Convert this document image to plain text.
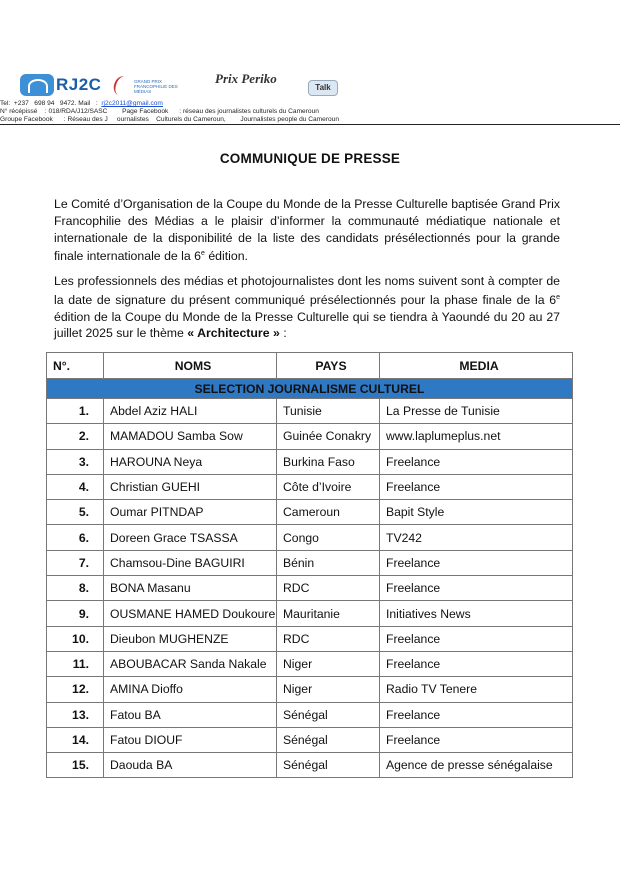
RJ2C	GRAND PRIX FRANCOPHILIE DES MÉDIAS
Prix Periko
Talk
Tel:  +237   698 94   9472. Mail   :  rj2c2011@gmail.com
N° récépissé    : 018/RDA/J12/SASC        Page Facebook      : réseau des journalistes culturels du Cameroun
Groupe Facebook      : Réseau des J     ournalistes    Culturels du Cameroun,        Journalistes people du Cameroun
COMMUNIQUE DE PRESSE
Le Comité d’Organisation de la Coupe du Monde de la Presse Culturelle baptisée Grand Prix Francophilie des Médias a le plaisir d’informer la communauté médiatique nationale et internationale de la disponibilité de la liste des candidats présélectionnés pour la grande finale internationale de la 6e édition.
Les professionnels des médias et photojournalistes dont les noms suivent sont à compter de la date de signature du présent communiqué présélectionnés pour la phase finale de la 6e édition de la Coupe du Monde de la Presse Culturelle qui se tiendra à Yaoundé du 20 au 27 juillet 2025 sur le thème « Architecture » :
N°.	NOMS	PAYS	MEDIA
SELECTION JOURNALISME CULTUREL			
1.	Abdel Aziz HALI	Tunisie	La Presse de Tunisie
2.	MAMADOU Samba Sow	Guinée Conakry	www.laplumeplus.net
3.	HAROUNA Neya	Burkina Faso	Freelance
4.	Christian GUEHI	Côte d’Ivoire	Freelance
5.	Oumar PITNDAP	Cameroun	Bapit Style
6.	Doreen Grace TSASSA	Congo	TV242
7.	Chamsou-Dine BAGUIRI	Bénin	Freelance
8.	BONA Masanu	RDC	Freelance
9.	OUSMANE HAMED Doukoure	Mauritanie	Initiatives News
10.	Dieubon MUGHENZE	RDC	Freelance
11.	ABOUBACAR Sanda Nakale	Niger	Freelance
12.	AMINA Dioffo	Niger	Radio TV Tenere
13.	Fatou BA	Sénégal	Freelance
14.	Fatou DIOUF	Sénégal	Freelance
15.	Daouda BA	Sénégal	Agence de presse sénégalaise
